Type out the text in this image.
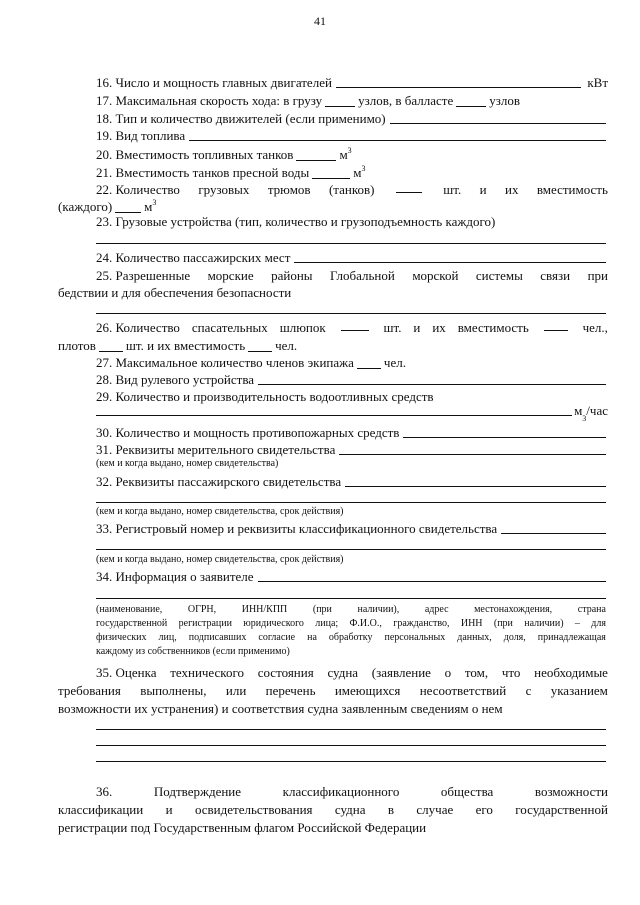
41
16. Число и мощность главных двигателей	кВт
17. Максимальная скорость хода: в грузу	узлов, в балласте	узлов
18. Тип и количество движителей (если применимо)
19. Вид топлива
20. Вместимость топливных танков	$м^3$
21. Вместимость танков пресной воды	$м^3$
22. Количество грузовых трюмов (танков)	шт. и их вместимость
(каждого) $м^3$
23. Грузовые устройства (тип, количество и грузоподъемность каждого)
24. Количество пассажирских мест
25. Разрешенные морские районы Глобальной морской системы связи при
бедствии и для обеспечения безопасности
26. Количество спасательных шлюпок	шт. и их вместимость	чел.,
плотов шт. и их вместимость чел.
27. Максимальное количество членов экипажа чел.
28. Вид рулевого устройства
29. Количество и производительность водоотливных средств
м
3
/час
30. Количество и мощность противопожарных средств
31. Реквизиты мерительного свидетельства
(кем и когда выдано, номер свидетельства)
32. Реквизиты пассажирского свидетельства
(кем и когда выдано, номер свидетельства, срок действия)
33. Регистровый номер и реквизиты классификационного свидетельства
(кем и когда выдано, номер свидетельства, срок действия)
34. Информация о заявителе
(наименование,	ОГРН,	ИНН/КПП	(при	наличии),	адрес	местонахождения,	страна
государственной регистрации юридического лица; Ф.И.О., гражданство, ИНН (при наличии) – для
физических лиц, подписавших согласие на обработку персональных данных, доля, принадлежащая
каждому из собственников (если применимо)
35. Оценка технического состояния судна (заявление о том, что необходимые
требования выполнены, или перечень имеющихся несоответствий с указанием
возможности их устранения) и соответствия судна заявленным сведениям о нем
36.	Подтверждение	классификационного	общества	возможности
классификации и освидетельствования судна в случае его государственной
регистрации под Государственным флагом Российской Федерации
